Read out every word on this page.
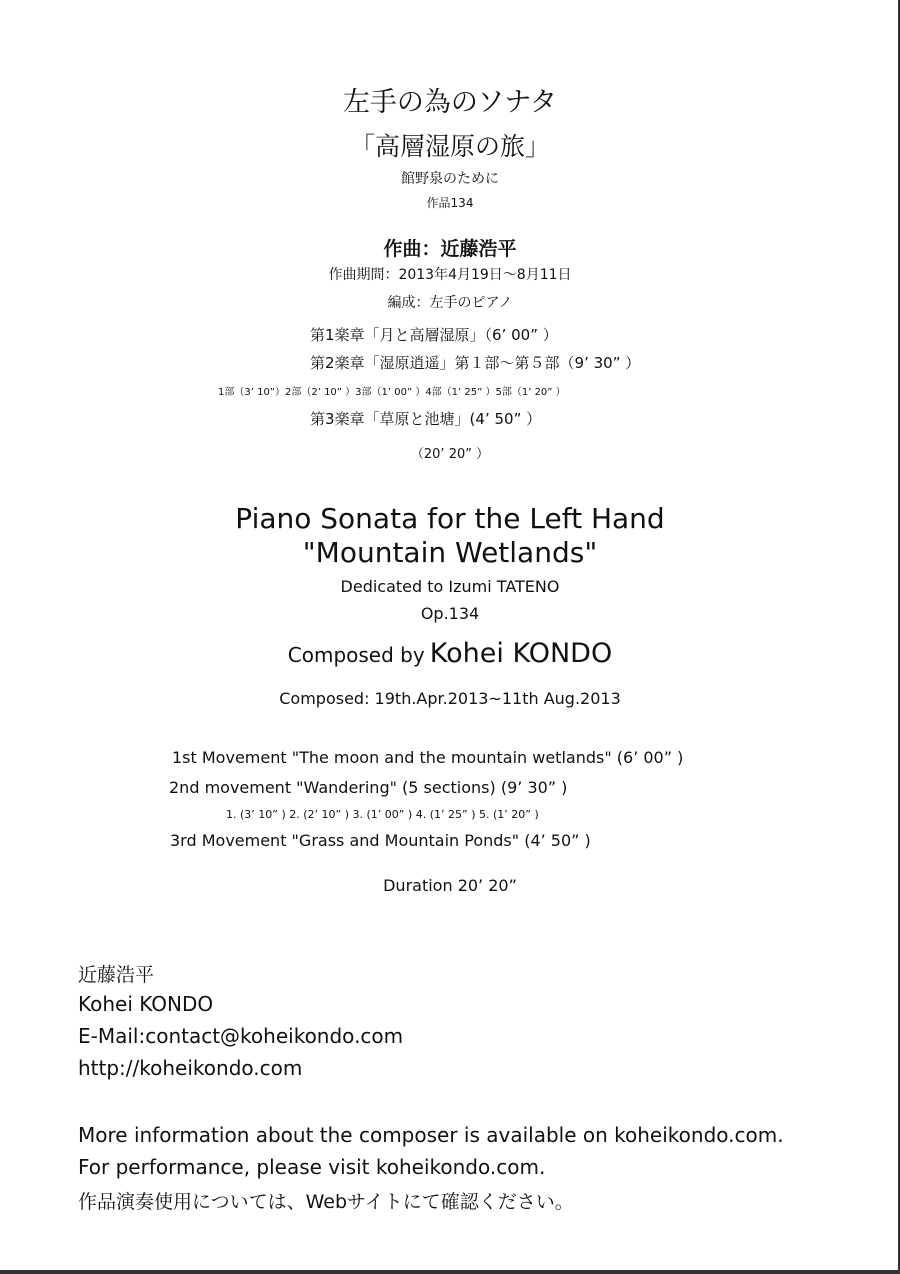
左手の為のソナタ
「高層湿原の旅」
館野泉のために
作品134
作曲：近藤浩平
作曲期間：2013年4月19日～8月11日
編成：左手のピアノ
第1楽章「月と高層湿原」（6’ 00” ）
第2楽章「湿原逍遥」第１部～第５部（9’ 30” ）
1部（3’ 10”）2部（2’ 10” ）3部（1’ 00” ）4部（1’ 25” ）5部（1’ 20” ）
第3楽章「草原と池塘」(4’ 50” ）
（20’ 20” ）
Piano Sonata for the Left Hand
"Mountain Wetlands"
Dedicated to Izumi TATENO
Op.134
Composed by Kohei KONDO
Composed: 19th.Apr.2013~11th Aug.2013
1st Movement "The moon and the mountain wetlands" (6’ 00” )
2nd movement "Wandering" (5 sections) (9’ 30” )
1. (3’ 10” ) 2. (2’ 10” ) 3. (1’ 00” ) 4. (1’ 25” ) 5. (1’ 20” )
3rd Movement "Grass and Mountain Ponds" (4’ 50” )
Duration 20’ 20”
近藤浩平
Kohei KONDO
E-Mail:contact@koheikondo.com
http://koheikondo.com
More information about the composer is available on koheikondo.com.
For performance, please visit koheikondo.com.
作品演奏使用については、Webサイトにて確認ください。
